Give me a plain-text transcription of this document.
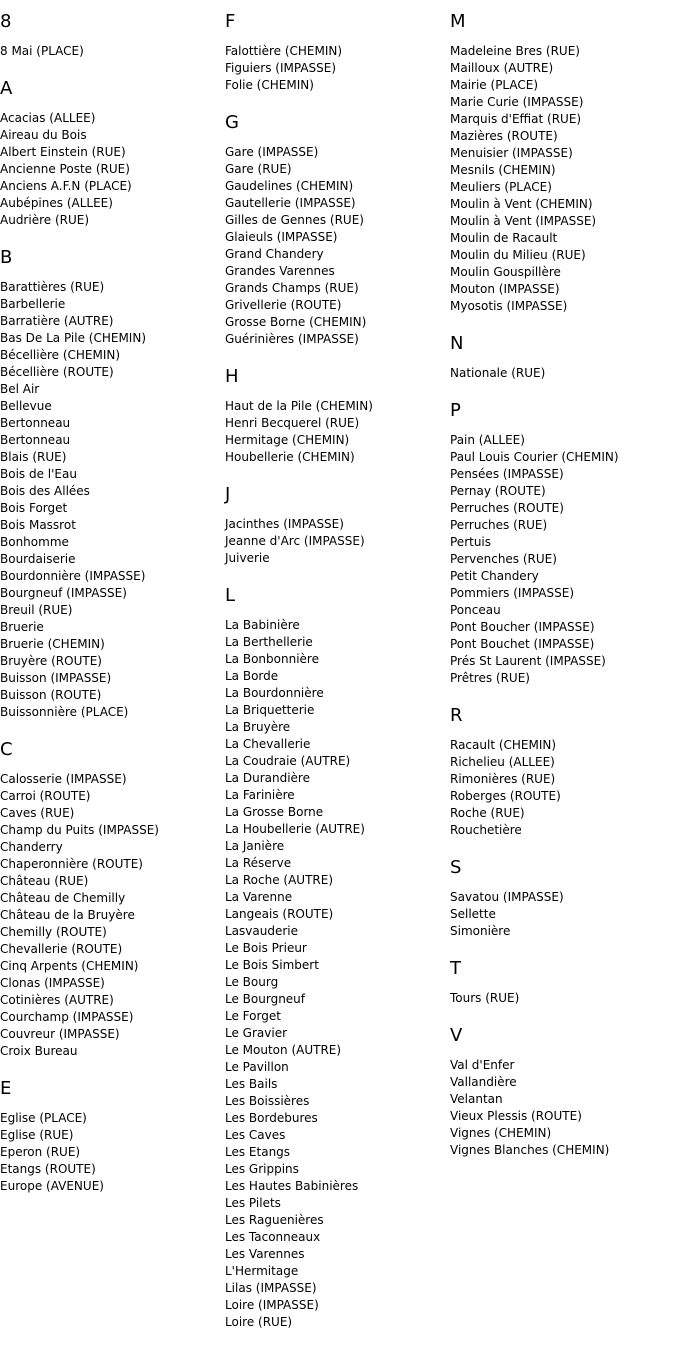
8
8 Mai (PLACE)
A
Acacias (ALLEE)
Aireau du Bois
Albert Einstein (RUE)
Ancienne Poste (RUE)
Anciens A.F.N (PLACE)
Aubépines (ALLEE)
Audrière (RUE)
B
Barattières (RUE)
Barbellerie
Barratière (AUTRE)
Bas De La Pile (CHEMIN)
Bécellière (CHEMIN)
Bécellière (ROUTE)
Bel Air
Bellevue
Bertonneau
Bertonneau
Blais (RUE)
Bois de l'Eau
Bois des Allées
Bois Forget
Bois Massrot
Bonhomme
Bourdaiserie
Bourdonnière (IMPASSE)
Bourgneuf (IMPASSE)
Breuil (RUE)
Bruerie
Bruerie (CHEMIN)
Bruyère (ROUTE)
Buisson (IMPASSE)
Buisson (ROUTE)
Buissonnière (PLACE)
C
Calosserie (IMPASSE)
Carroi (ROUTE)
Caves (RUE)
Champ du Puits (IMPASSE)
Chanderry
Chaperonnière (ROUTE)
Château (RUE)
Château de Chemilly
Château de la Bruyère
Chemilly (ROUTE)
Chevallerie (ROUTE)
Cinq Arpents (CHEMIN)
Clonas (IMPASSE)
Cotinières (AUTRE)
Courchamp (IMPASSE)
Couvreur (IMPASSE)
Croix Bureau
E
Eglise (PLACE)
Eglise (RUE)
Eperon (RUE)
Etangs (ROUTE)
Europe (AVENUE)
F
Falottière (CHEMIN)
Figuiers (IMPASSE)
Folie (CHEMIN)
G
Gare (IMPASSE)
Gare (RUE)
Gaudelines (CHEMIN)
Gautellerie (IMPASSE)
Gilles de Gennes (RUE)
Glaieuls (IMPASSE)
Grand Chandery
Grandes Varennes
Grands Champs (RUE)
Grivellerie (ROUTE)
Grosse Borne (CHEMIN)
Guérinières (IMPASSE)
H
Haut de la Pile (CHEMIN)
Henri Becquerel (RUE)
Hermitage (CHEMIN)
Houbellerie (CHEMIN)
J
Jacinthes (IMPASSE)
Jeanne d'Arc (IMPASSE)
Juiverie
L
La Babinière
La Berthellerie
La Bonbonnière
La Borde
La Bourdonnière
La Briquetterie
La Bruyère
La Chevallerie
La Coudraie (AUTRE)
La Durandière
La Farinière
La Grosse Borne
La Houbellerie (AUTRE)
La Janière
La Réserve
La Roche (AUTRE)
La Varenne
Langeais (ROUTE)
Lasvauderie
Le Bois Prieur
Le Bois Simbert
Le Bourg
Le Bourgneuf
Le Forget
Le Gravier
Le Mouton (AUTRE)
Le Pavillon
Les Bails
Les Boissières
Les Bordebures
Les Caves
Les Etangs
Les Grippins
Les Hautes Babinières
Les Pilets
Les Raguenières
Les Taconneaux
Les Varennes
L'Hermitage
Lilas (IMPASSE)
Loire (IMPASSE)
Loire (RUE)
M
Madeleine Bres (RUE)
Mailloux (AUTRE)
Mairie (PLACE)
Marie Curie (IMPASSE)
Marquis d'Effiat (RUE)
Mazières (ROUTE)
Menuisier (IMPASSE)
Mesnils (CHEMIN)
Meuliers (PLACE)
Moulin à Vent (CHEMIN)
Moulin à Vent (IMPASSE)
Moulin de Racault
Moulin du Milieu (RUE)
Moulin Gouspillère
Mouton (IMPASSE)
Myosotis (IMPASSE)
N
Nationale (RUE)
P
Pain (ALLEE)
Paul Louis Courier (CHEMIN)
Pensées (IMPASSE)
Pernay (ROUTE)
Perruches (ROUTE)
Perruches (RUE)
Pertuis
Pervenches (RUE)
Petit Chandery
Pommiers (IMPASSE)
Ponceau
Pont Boucher (IMPASSE)
Pont Bouchet (IMPASSE)
Prés St Laurent (IMPASSE)
Prêtres (RUE)
R
Racault (CHEMIN)
Richelieu (ALLEE)
Rimonières (RUE)
Roberges (ROUTE)
Roche (RUE)
Rouchetière
S
Savatou (IMPASSE)
Sellette
Simonière
T
Tours (RUE)
V
Val d'Enfer
Vallandière
Velantan
Vieux Plessis (ROUTE)
Vignes (CHEMIN)
Vignes Blanches (CHEMIN)
